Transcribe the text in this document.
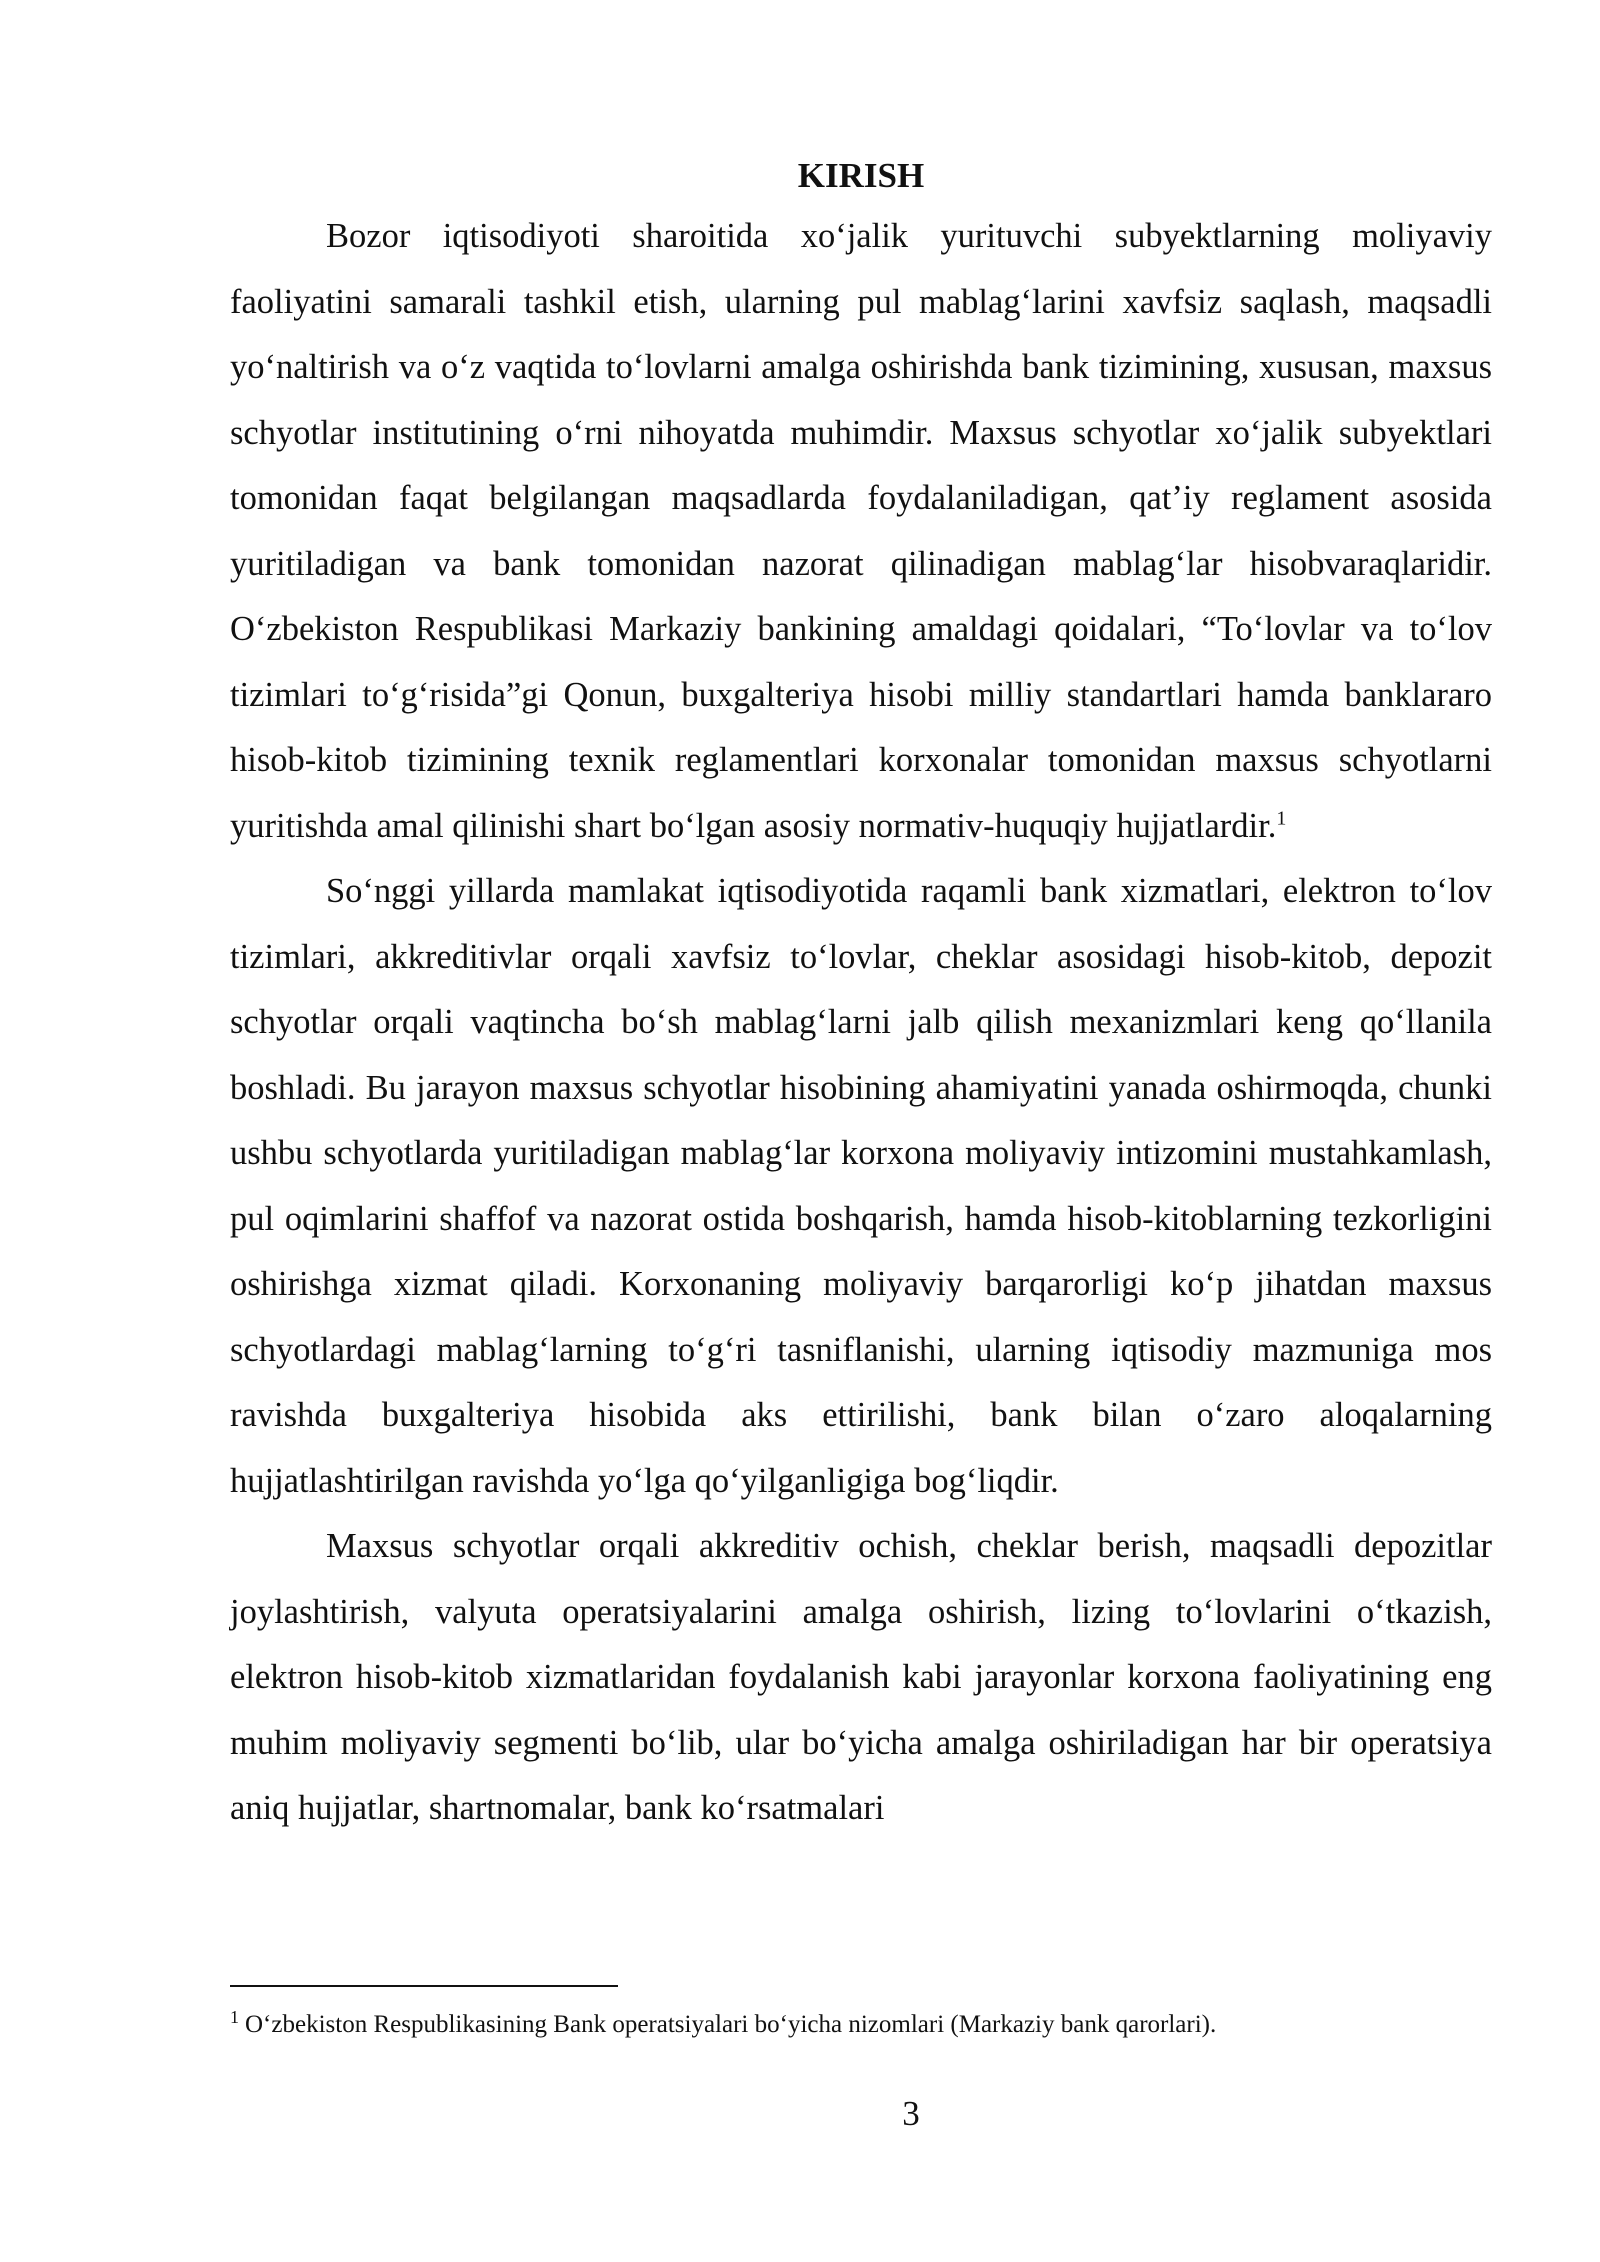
KIRISH

Bozor iqtisodiyoti sharoitida xo‘jalik yurituvchi subyektlarning moliyaviy faoliyatini samarali tashkil etish, ularning pul mablag‘larini xavfsiz saqlash, maqsadli yo‘naltirish va o‘z vaqtida to‘lovlarni amalga oshirishda bank tizimining, xususan, maxsus schyotlar institutining o‘rni nihoyatda muhimdir. Maxsus schyotlar xo‘jalik subyektlari tomonidan faqat belgilangan maqsadlarda foydalaniladigan, qat’iy reglament asosida yuritiladigan va bank tomonidan nazorat qilinadigan mablag‘lar hisobvaraqlaridir. O‘zbekiston Respublikasi Markaziy bankining amaldagi qoidalari, “To‘lovlar va to‘lov tizimlari to‘g‘risida”gi Qonun, buxgalteriya hisobi milliy standartlari hamda banklararo hisob-kitob tizimining texnik reglamentlari korxonalar tomonidan maxsus schyotlarni yuritishda amal qilinishi shart bo‘lgan asosiy normativ-huquqiy hujjatlardir.$^1$

So‘nggi yillarda mamlakat iqtisodiyotida raqamli bank xizmatlari, elektron to‘lov tizimlari, akkreditivlar orqali xavfsiz to‘lovlar, cheklar asosidagi hisob-kitob, depozit schyotlar orqali vaqtincha bo‘sh mablag‘larni jalb qilish mexanizmlari keng qo‘llanila boshladi. Bu jarayon maxsus schyotlar hisobining ahamiyatini yanada oshirmoqda, chunki ushbu schyotlarda yuritiladigan mablag‘lar korxona moliyaviy intizomini mustahkamlash, pul oqimlarini shaffof va nazorat ostida boshqarish, hamda hisob-kitoblarning tezkorligini oshirishga xizmat qiladi. Korxonaning moliyaviy barqarorligi ko‘p jihatdan maxsus schyotlardagi mablag‘larning to‘g‘ri tasniflanishi, ularning iqtisodiy mazmuniga mos ravishda buxgalteriya hisobida aks ettirilishi, bank bilan o‘zaro aloqalarning hujjatlashtirilgan ravishda yo‘lga qo‘yilganligiga bog‘liqdir.

Maxsus schyotlar orqali akkreditiv ochish, cheklar berish, maqsadli depozitlar joylashtirish, valyuta operatsiyalarini amalga oshirish, lizing to‘lovlarini o‘tkazish, elektron hisob-kitob xizmatlaridan foydalanish kabi jarayonlar korxona faoliyatining eng muhim moliyaviy segmenti bo‘lib, ular bo‘yicha amalga oshiriladigan har bir operatsiya aniq hujjatlar, shartnomalar, bank ko‘rsatmalari

$^1$ O‘zbekiston Respublikasining Bank operatsiyalari bo‘yicha nizomlari (Markaziy bank qarorlari).
3
